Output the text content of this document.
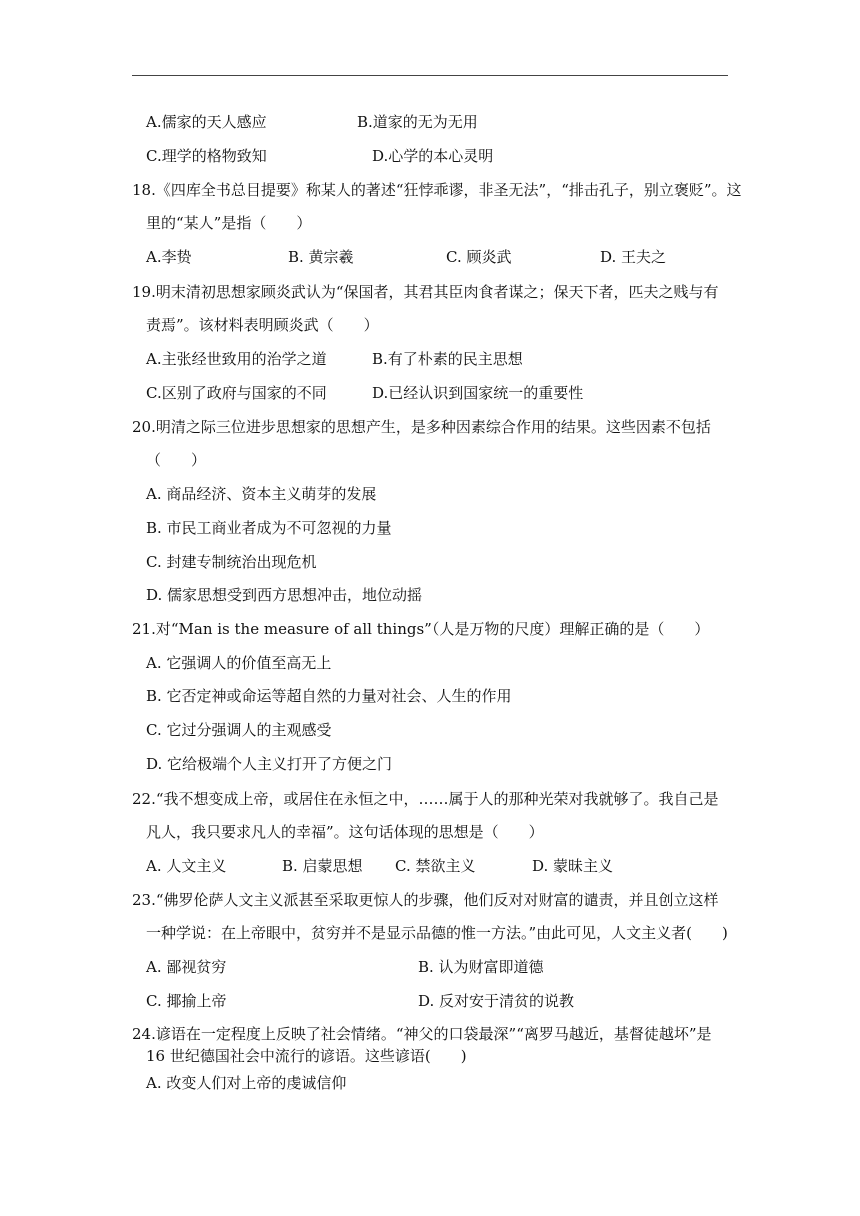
A.儒家的天人感应	B.道家的无为无用
C.理学的格物致知	D.心学的本心灵明
18.《四库全书总目提要》称某人的著述“狂悖乖谬，非圣无法”，“排击孔子，别立褒贬”。这
里的“某人”是指（　　）
A.李贽	B. 黄宗羲	C. 顾炎武	D. 王夫之
19.明末清初思想家顾炎武认为“保国者，其君其臣肉食者谋之；保天下者，匹夫之贱与有
责焉”。该材料表明顾炎武（　　）
A.主张经世致用的治学之道	B.有了朴素的民主思想
C.区别了政府与国家的不同	D.已经认识到国家统一的重要性
20.明清之际三位进步思想家的思想产生，是多种因素综合作用的结果。这些因素不包括
（　　）
A. 商品经济、资本主义萌芽的发展
B. 市民工商业者成为不可忽视的力量
C. 封建专制统治出现危机
D. 儒家思想受到西方思想冲击，地位动摇
21.对“Man is the measure of all things”（人是万物的尺度）理解正确的是（　　）
A. 它强调人的价值至高无上
B. 它否定神或命运等超自然的力量对社会、人生的作用
C. 它过分强调人的主观感受
D. 它给极端个人主义打开了方便之门
22.“我不想变成上帝，或居住在永恒之中，……属于人的那种光荣对我就够了。我自己是
凡人，我只要求凡人的幸福”。这句话体现的思想是（　　）
A. 人文主义	B. 启蒙思想 C. 禁欲主义	D. 蒙昧主义
23.“佛罗伦萨人文主义派甚至采取更惊人的步骤，他们反对对财富的谴责，并且创立这样
一种学说：在上帝眼中，贫穷并不是显示品德的惟一方法。”由此可见，人文主义者(　　)
A. 鄙视贫穷	B. 认为财富即道德
C. 揶揄上帝	D. 反对安于清贫的说教
24.谚语在一定程度上反映了社会情绪。“神父的口袋最深”“离罗马越近，基督徒越坏”是
16 世纪德国社会中流行的谚语。这些谚语(　　)
A. 改变人们对上帝的虔诚信仰
